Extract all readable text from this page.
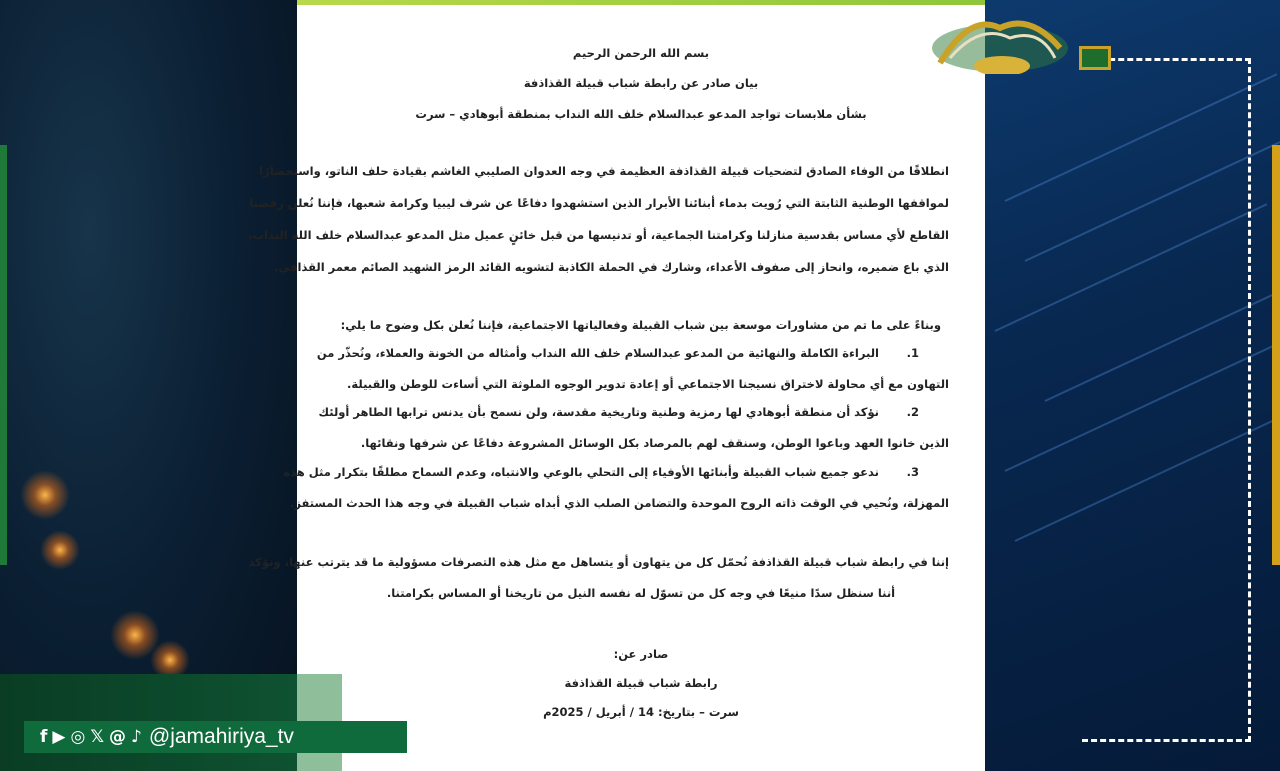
بسم الله الرحمن الرحيم
بيان صادر عن رابطة شباب قبيلة القذاذفة
بشأن ملابسات تواجد المدعو عبدالسلام خلف الله النداب بمنطقة أبوهادي – سرت
انطلاقًا من الوفاء الصادق لتضحيات قبيلة القذاذفة العظيمة في وجه العدوان الصليبي الغاشم بقيادة حلف الناتو، واستحضارًا
لمواقفها الوطنية الثابتة التي رُويت بدماء أبنائنا الأبرار الذين استشهدوا دفاعًا عن شرف ليبيا وكرامة شعبها، فإننا نُعلن رفضنا
القاطع لأي مساس بقدسية منازلنا وكرامتنا الجماعية، أو تدنيسها من قبل خائنٍ عميل مثل المدعو عبدالسلام خلف الله النداب،
الذي باع ضميره، وانحاز إلى صفوف الأعداء، وشارك في الحملة الكاذبة لتشويه القائد الرمز الشهيد الصائم معمر القذافي.
وبناءً على ما تم من مشاورات موسعة بين شباب القبيلة وفعالياتها الاجتماعية، فإننا نُعلن بكل وضوح ما يلي:
1.البراءة الكاملة والنهائية من المدعو عبدالسلام خلف الله النداب وأمثاله من الخونة والعملاء، ونُحذّر من
التهاون مع أي محاولة لاختراق نسيجنا الاجتماعي أو إعادة تدوير الوجوه الملوثة التي أساءت للوطن والقبيلة.
2.نؤكد أن منطقة أبوهادي لها رمزية وطنية وتاريخية مقدسة، ولن نسمح بأن يدنس ترابها الطاهر أولئك
الذين خانوا العهد وباعوا الوطن، وسنقف لهم بالمرصاد بكل الوسائل المشروعة دفاعًا عن شرفها ونقائها.
3.ندعو جميع شباب القبيلة وأبنائها الأوفياء إلى التحلي بالوعي والانتباه، وعدم السماح مطلقًا بتكرار مثل هذه
المهزلة، ونُحيي في الوقت ذاته الروح الموحدة والتضامن الصلب الذي أبداه شباب القبيلة في وجه هذا الحدث المستفز.
إننا في رابطة شباب قبيلة القذاذفة نُحمّل كل من يتهاون أو يتساهل مع مثل هذه التصرفات مسؤولية ما قد يترتب عنها، ونؤكد
أننا سنظل سدًا منيعًا في وجه كل من تسوّل له نفسه النيل من تاريخنا أو المساس بكرامتنا.
صادر عن:
رابطة شباب قبيلة القذاذفة
سرت – بتاريخ: 14 / أبريل / 2025م
f ▶ ◎ 𝕏 @ ♪ @jamahiriya_tv
